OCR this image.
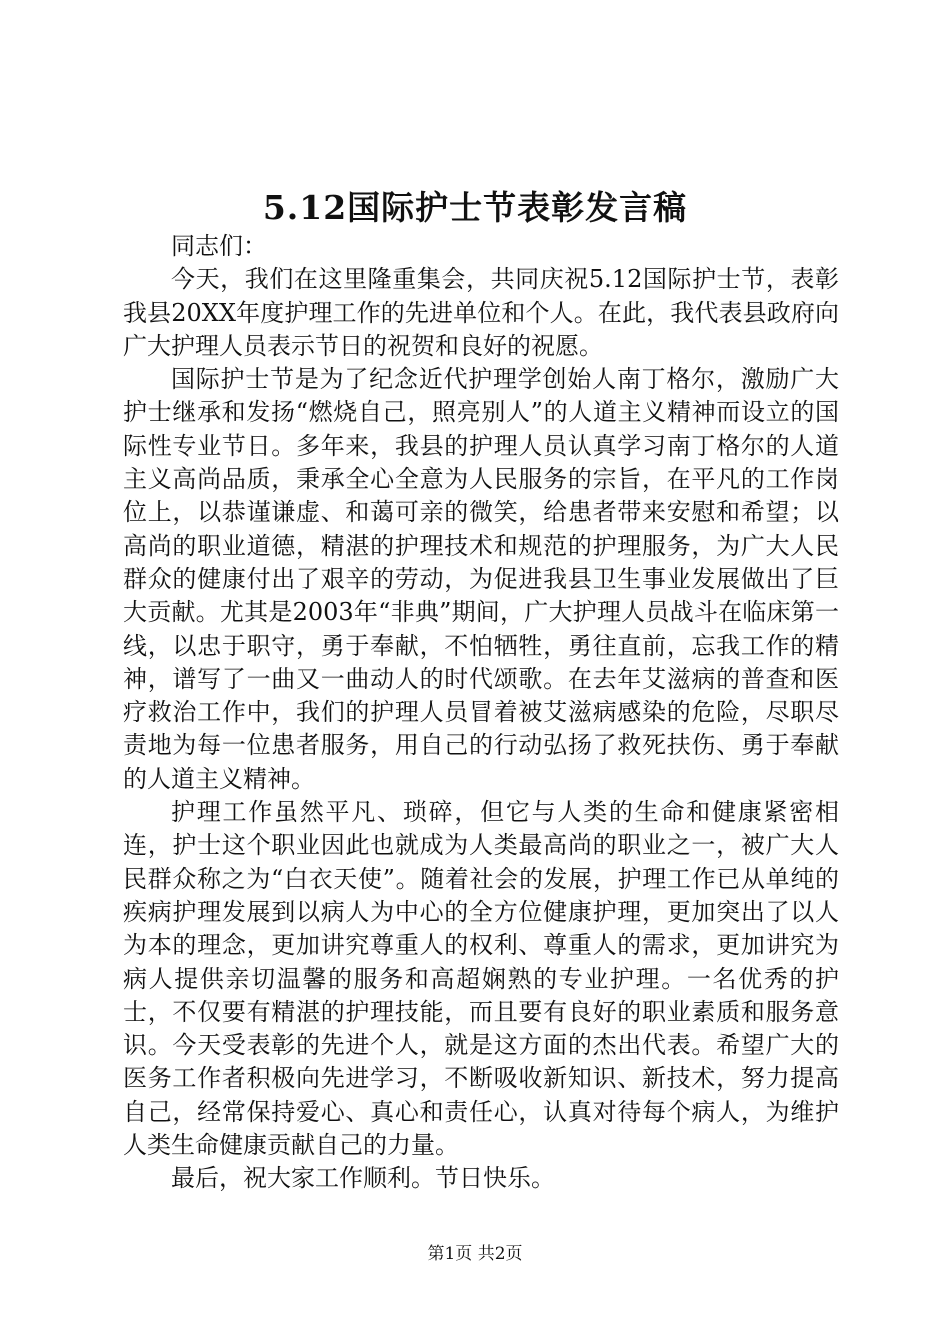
5.12国际护士节表彰发言稿

同志们：

今天，我们在这里隆重集会，共同庆祝5.12国际护士节，表彰我县20XX年度护理工作的先进单位和个人。在此，我代表县政府向广大护理人员表示节日的祝贺和良好的祝愿。

国际护士节是为了纪念近代护理学创始人南丁格尔，激励广大护士继承和发扬“燃烧自己，照亮别人”的人道主义精神而设立的国际性专业节日。多年来，我县的护理人员认真学习南丁格尔的人道主义高尚品质，秉承全心全意为人民服务的宗旨，在平凡的工作岗位上，以恭谨谦虚、和蔼可亲的微笑，给患者带来安慰和希望；以高尚的职业道德，精湛的护理技术和规范的护理服务，为广大人民群众的健康付出了艰辛的劳动，为促进我县卫生事业发展做出了巨大贡献。尤其是2003年“非典”期间，广大护理人员战斗在临床第一线，以忠于职守，勇于奉献，不怕牺牲，勇往直前，忘我工作的精神，谱写了一曲又一曲动人的时代颂歌。在去年艾滋病的普查和医疗救治工作中，我们的护理人员冒着被艾滋病感染的危险，尽职尽责地为每一位患者服务，用自己的行动弘扬了救死扶伤、勇于奉献的人道主义精神。

护理工作虽然平凡、琐碎，但它与人类的生命和健康紧密相连，护士这个职业因此也就成为人类最高尚的职业之一，被广大人民群众称之为“白衣天使”。随着社会的发展，护理工作已从单纯的疾病护理发展到以病人为中心的全方位健康护理，更加突出了以人为本的理念，更加讲究尊重人的权利、尊重人的需求，更加讲究为病人提供亲切温馨的服务和高超娴熟的专业护理。一名优秀的护士，不仅要有精湛的护理技能，而且要有良好的职业素质和服务意识。今天受表彰的先进个人，就是这方面的杰出代表。希望广大的医务工作者积极向先进学习，不断吸收新知识、新技术，努力提高自己，经常保持爱心、真心和责任心，认真对待每个病人，为维护人类生命健康贡献自己的力量。

最后，祝大家工作顺利。节日快乐。

第1页 共2页
